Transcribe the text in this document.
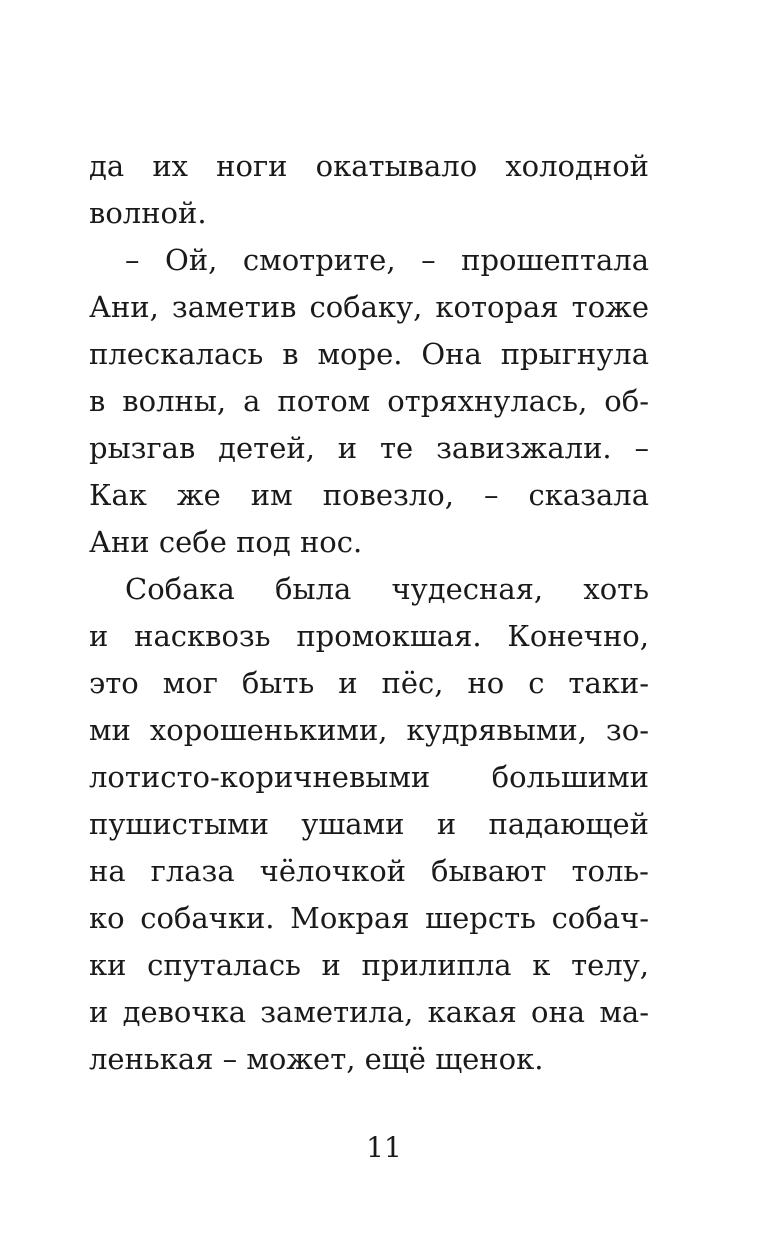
да их ноги окатывало холодной
волной.
– Ой, смотрите, – прошептала
Ани, заметив собаку, которая тоже
плескалась в море. Она прыгнула
в волны, а потом отряхнулась, об-
рызгав детей, и те завизжали. –
Как же им повезло, – сказала
Ани себе под нос.
Собака была чудесная, хоть
и насквозь промокшая. Конечно,
это мог быть и пёс, но с таки-
ми хорошенькими, кудрявыми, зо-
лотисто-коричневыми большими
пушистыми ушами и падающей
на глаза чёлочкой бывают толь-
ко собачки. Мокрая шерсть собач-
ки спуталась и прилипла к телу,
и девочка заметила, какая она ма-
ленькая – может, ещё щенок.
11
